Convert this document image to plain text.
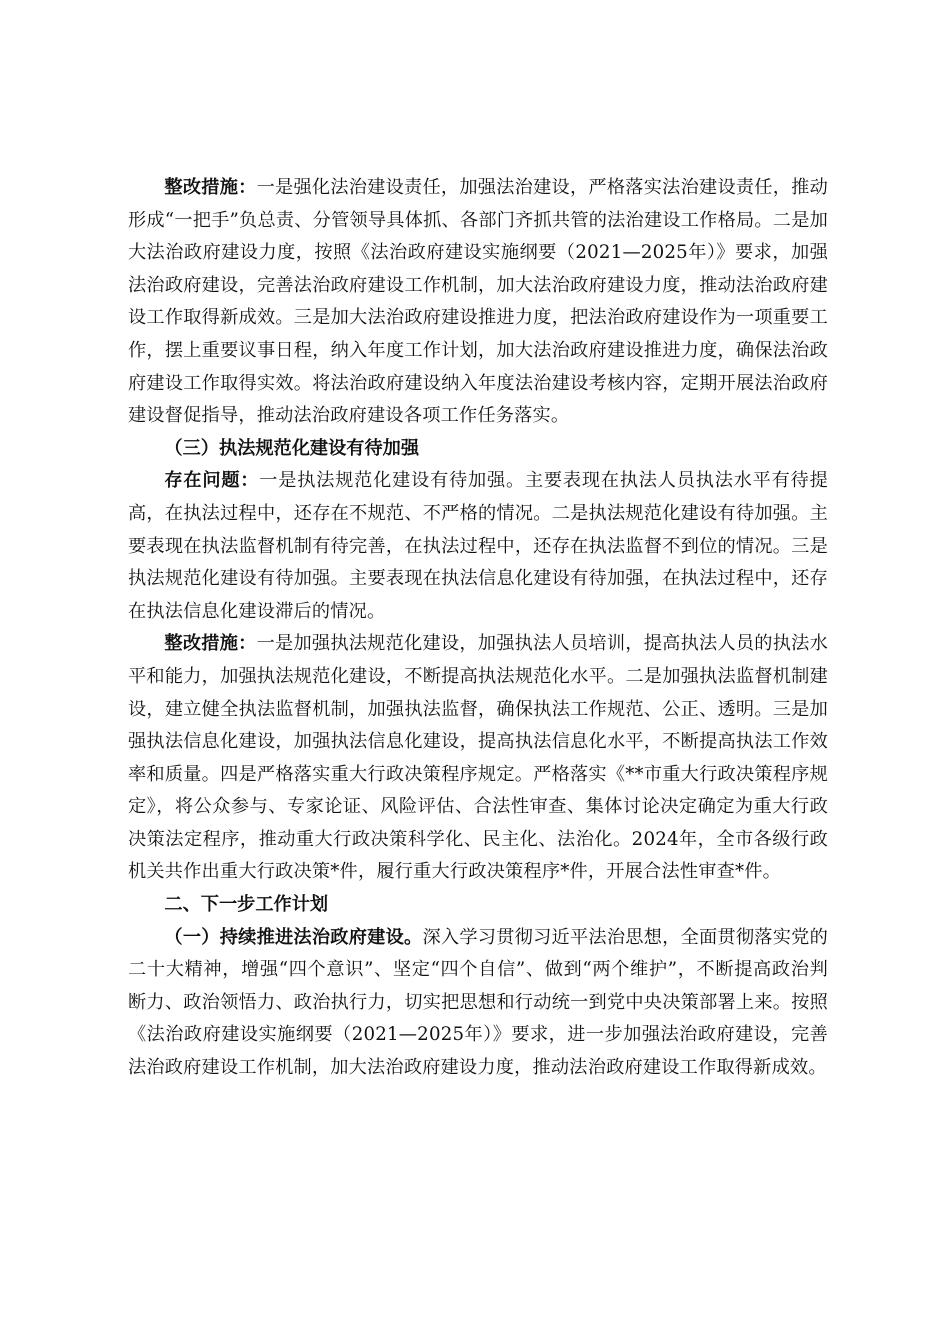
整改措施：一是强化法治建设责任，加强法治建设，严格落实法治建设责任，推动形成“一把手”负总责、分管领导具体抓、各部门齐抓共管的法治建设工作格局。二是加大法治政府建设力度，按照《法治政府建设实施纲要（2021—2025年）》要求，加强法治政府建设，完善法治政府建设工作机制，加大法治政府建设力度，推动法治政府建设工作取得新成效。三是加大法治政府建设推进力度，把法治政府建设作为一项重要工作，摆上重要议事日程，纳入年度工作计划，加大法治政府建设推进力度，确保法治政府建设工作取得实效。将法治政府建设纳入年度法治建设考核内容，定期开展法治政府建设督促指导，推动法治政府建设各项工作任务落实。

（三）执法规范化建设有待加强

存在问题：一是执法规范化建设有待加强。主要表现在执法人员执法水平有待提高，在执法过程中，还存在不规范、不严格的情况。二是执法规范化建设有待加强。主要表现在执法监督机制有待完善，在执法过程中，还存在执法监督不到位的情况。三是执法规范化建设有待加强。主要表现在执法信息化建设有待加强，在执法过程中，还存在执法信息化建设滞后的情况。

整改措施：一是加强执法规范化建设，加强执法人员培训，提高执法人员的执法水平和能力，加强执法规范化建设，不断提高执法规范化水平。二是加强执法监督机制建设，建立健全执法监督机制，加强执法监督，确保执法工作规范、公正、透明。三是加强执法信息化建设，加强执法信息化建设，提高执法信息化水平，不断提高执法工作效率和质量。四是严格落实重大行政决策程序规定。严格落实《**市重大行政决策程序规定》，将公众参与、专家论证、风险评估、合法性审查、集体讨论决定确定为重大行政决策法定程序，推动重大行政决策科学化、民主化、法治化。2024年，全市各级行政机关共作出重大行政决策*件，履行重大行政决策程序*件，开展合法性审查*件。

二、下一步工作计划

（一）持续推进法治政府建设。深入学习贯彻习近平法治思想，全面贯彻落实党的二十大精神，增强“四个意识”、坚定“四个自信”、做到“两个维护”，不断提高政治判断力、政治领悟力、政治执行力，切实把思想和行动统一到党中央决策部署上来。按照《法治政府建设实施纲要（2021—2025年）》要求，进一步加强法治政府建设，完善法治政府建设工作机制，加大法治政府建设力度，推动法治政府建设工作取得新成效。
